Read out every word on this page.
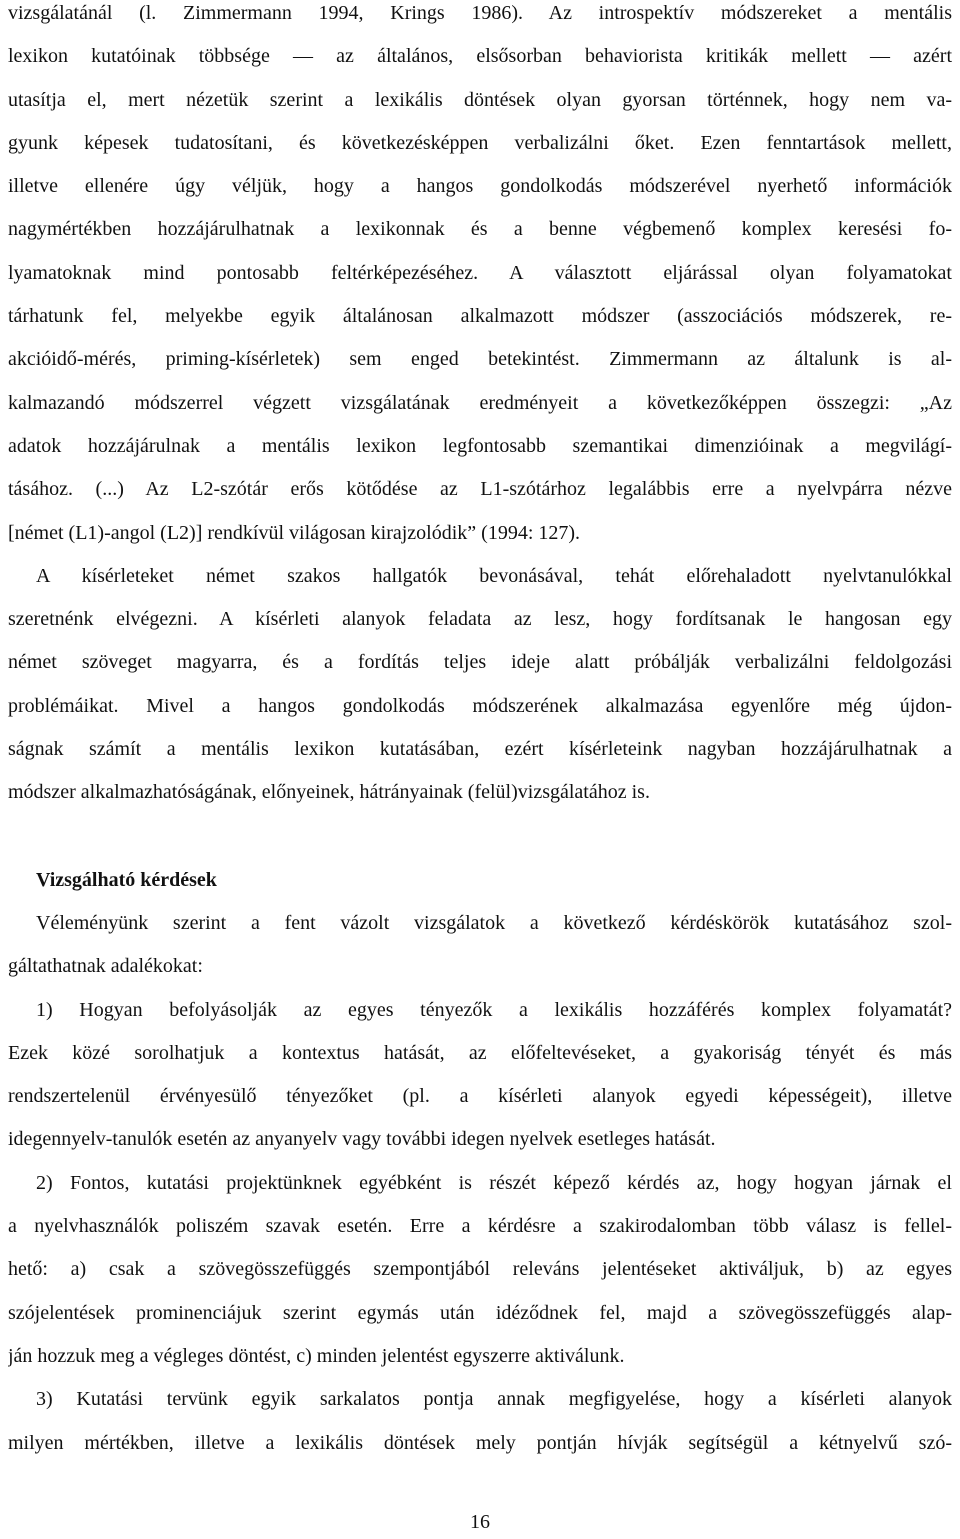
vizsgálatánál (l. Zimmermann 1994, Krings 1986). Az introspektív módszereket a mentális
lexikon kutatóinak többsége — az általános, elsősorban behaviorista kritikák mellett — azért
utasítja el, mert nézetük szerint a lexikális döntések olyan gyorsan történnek, hogy nem va-
gyunk képesek tudatosítani, és következésképpen verbalizálni őket. Ezen fenntartások mellett,
illetve ellenére úgy véljük, hogy a hangos gondolkodás módszerével nyerhető információk
nagymértékben hozzájárulhatnak a lexikonnak és a benne végbemenő komplex keresési fo-
lyamatoknak mind pontosabb feltérképezéséhez. A választott eljárással olyan folyamatokat
tárhatunk fel, melyekbe egyik általánosan alkalmazott módszer (asszociációs módszerek, re-
akcióidő-mérés, priming-kísérletek) sem enged betekintést. Zimmermann az általunk is al-
kalmazandó módszerrel végzett vizsgálatának eredményeit a következőképpen összegzi: „Az
adatok hozzájárulnak a mentális lexikon legfontosabb szemantikai dimenzióinak a megvilágí-
tásához. (...) Az L2-szótár erős kötődése az L1-szótárhoz legalábbis erre a nyelvpárra nézve
[német (L1)-angol (L2)] rendkívül világosan kirajzolódik” (1994: 127).
A kísérleteket német szakos hallgatók bevonásával, tehát előrehaladott nyelvtanulókkal
szeretnénk elvégezni. A kísérleti alanyok feladata az lesz, hogy fordítsanak le hangosan egy
német szöveget magyarra, és a fordítás teljes ideje alatt próbálják verbalizálni feldolgozási
problémáikat. Mivel a hangos gondolkodás módszerének alkalmazása egyenlőre még újdon-
ságnak számít a mentális lexikon kutatásában, ezért kísérleteink nagyban hozzájárulhatnak a
módszer alkalmazhatóságának, előnyeinek, hátrányainak (felül)vizsgálatához is.
Vizsgálható kérdések
Véleményünk szerint a fent vázolt vizsgálatok a következő kérdéskörök kutatásához szol-
gáltathatnak adalékokat:
1) Hogyan befolyásolják az egyes tényezők a lexikális hozzáférés komplex folyamatát?
Ezek közé sorolhatjuk a kontextus hatását, az előfeltevéseket, a gyakoriság tényét és más
rendszertelenül érvényesülő tényezőket (pl. a kísérleti alanyok egyedi képességeit), illetve
idegennyelv-tanulók esetén az anyanyelv vagy további idegen nyelvek esetleges hatását.
2) Fontos, kutatási projektünknek egyébként is részét képező kérdés az, hogy hogyan járnak el
a nyelvhasználók poliszém szavak esetén. Erre a kérdésre a szakirodalomban több válasz is fellel-
hető: a) csak a szövegösszefüggés szempontjából releváns jelentéseket aktiváljuk, b) az egyes
szójelentések prominenciájuk szerint egymás után idéződnek fel, majd a szövegösszefüggés alap-
ján hozzuk meg a végleges döntést, c) minden jelentést egyszerre aktiválunk.
3) Kutatási tervünk egyik sarkalatos pontja annak megfigyelése, hogy a kísérleti alanyok
milyen mértékben, illetve a lexikális döntések mely pontján hívják segítségül a kétnyelvű szó-
16
